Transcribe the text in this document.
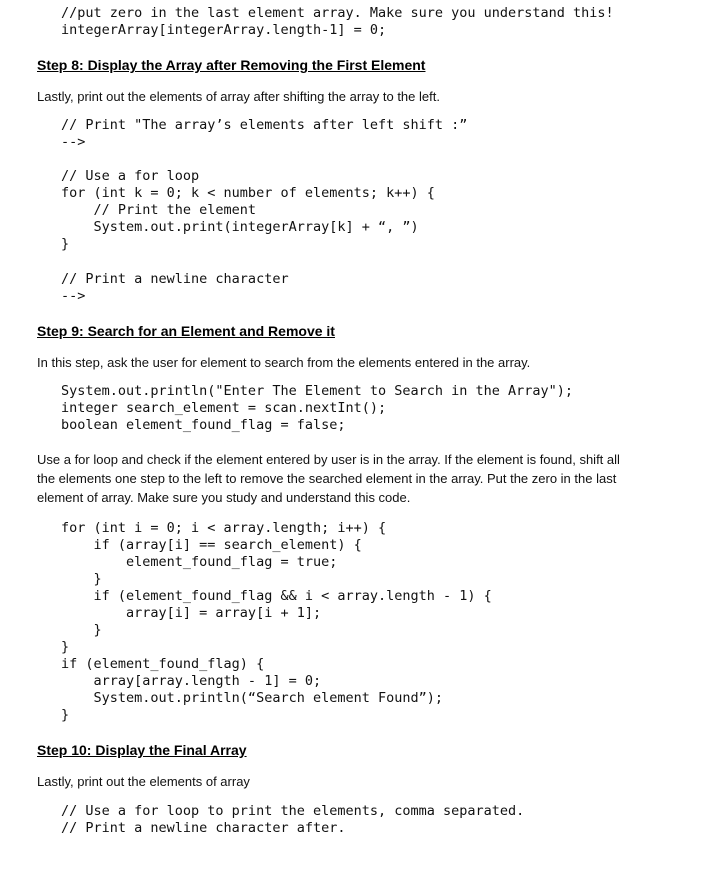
//put zero in the last element array. Make sure you understand this!
integerArray[integerArray.length-1] = 0;
Step 8: Display the Array after Removing the First Element
Lastly, print out the elements of array after shifting the array to the left.
// Print "The array’s elements after left shift :”
-->
// Use a for loop
for (int k = 0; k < number of elements; k++) {
// Print the element
System.out.print(integerArray[k] + “, ”)
}
// Print a newline character
-->
Step 9: Search for an Element and Remove it
In this step, ask the user for element to search from the elements entered in the array.
System.out.println("Enter The Element to Search in the Array");
integer search_element = scan.nextInt();
boolean element_found_flag = false;
Use a for loop and check if the element entered by user is in the array. If the element is found, shift all
the elements one step to the left to remove the searched element in the array. Put the zero in the last
element of array. Make sure you study and understand this code.
for (int i = 0; i < array.length; i++) {
if (array[i] == search_element) {
element_found_flag = true;
}
if (element_found_flag && i < array.length - 1) {
array[i] = array[i + 1];
}
}
if (element_found_flag) {
array[array.length - 1] = 0;
System.out.println(“Search element Found”);
}
Step 10: Display the Final Array
Lastly, print out the elements of array
// Use a for loop to print the elements, comma separated.
// Print a newline character after.
